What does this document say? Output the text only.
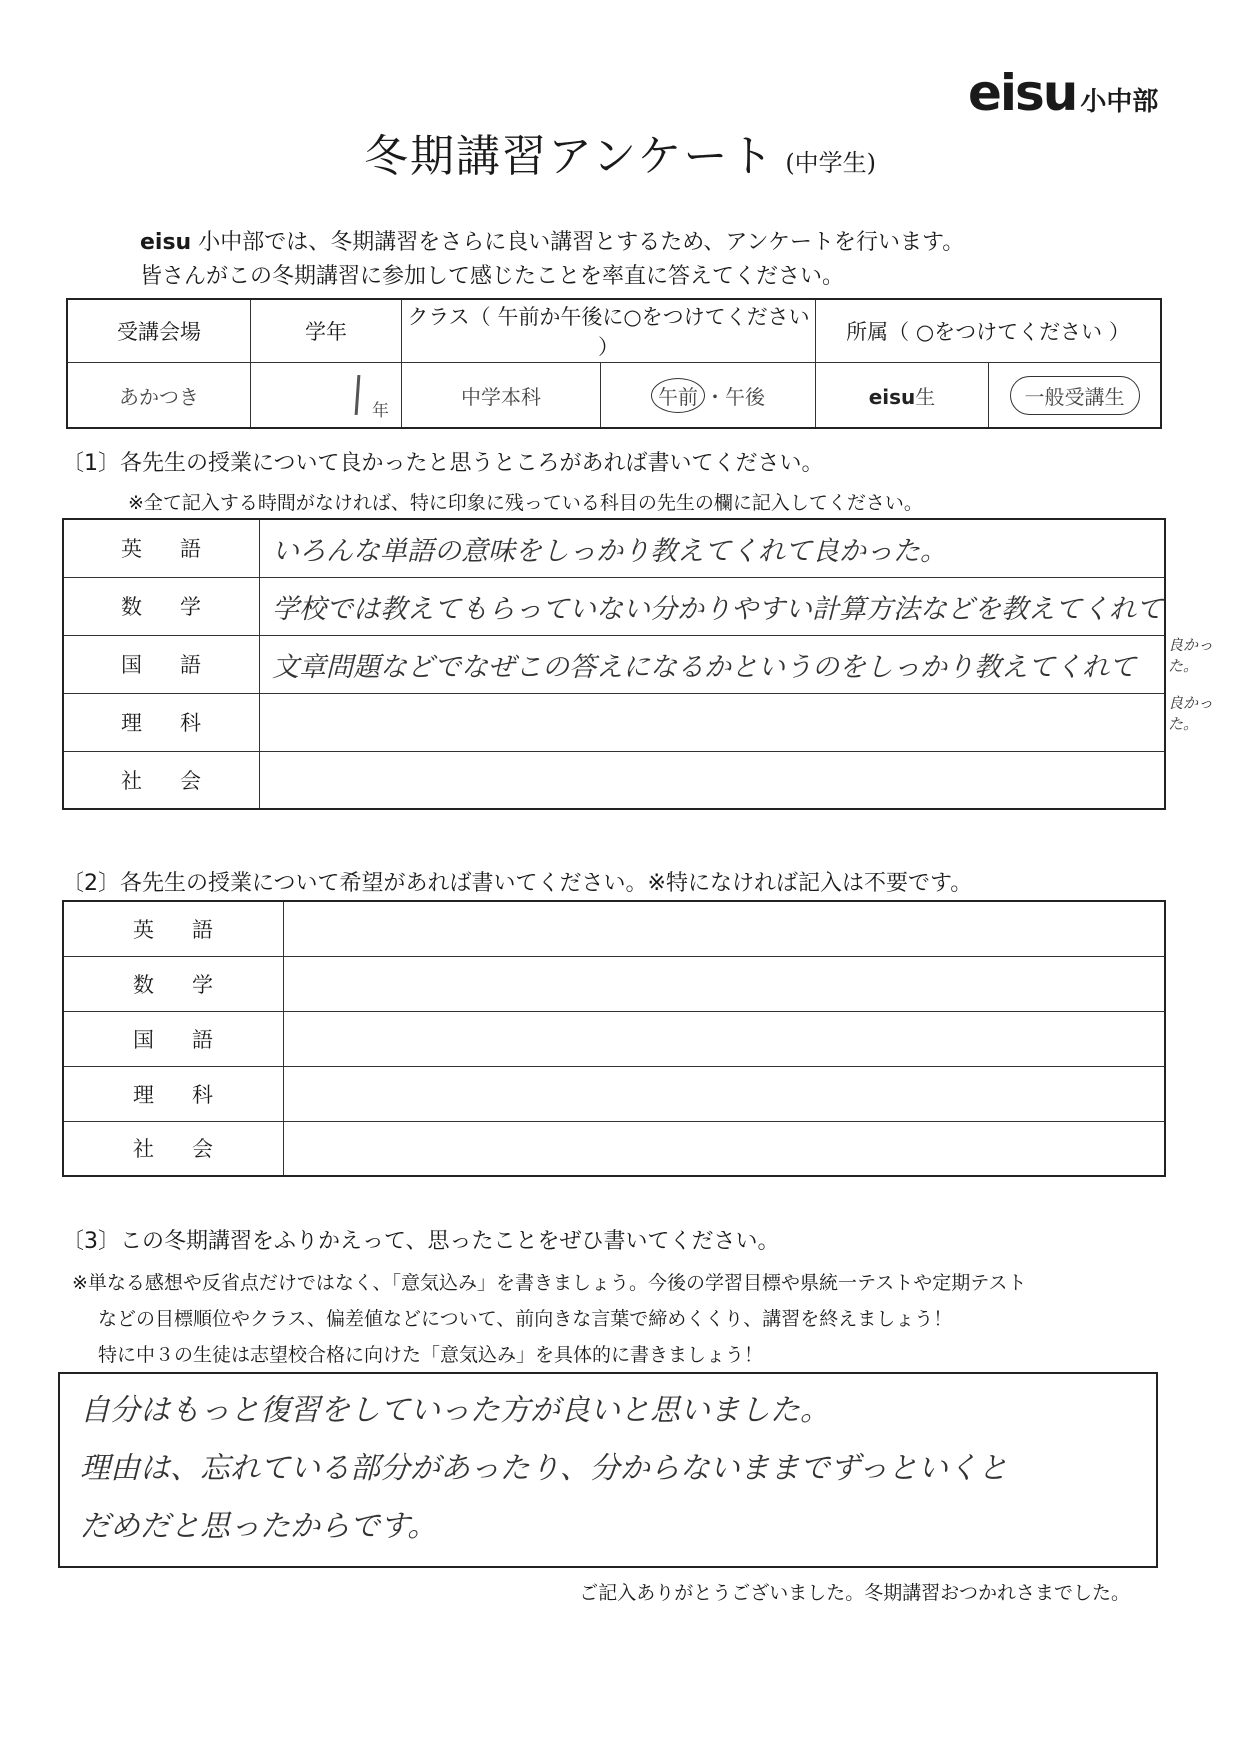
eisu 小中部
冬期講習アンケート (中学生)
eisu 小中部では、冬期講習をさらに良い講習とするため、アンケートを行います。
皆さんがこの冬期講習に参加して感じたことを率直に答えてください。
受講会場	学年	クラス（ 午前か午後に○をつけてください ）		所属（ ○をつけてください ）	
あかつき	年	中学本科	午前 ・午後	eisu生	一般受講生
〔1〕各先生の授業について良かったと思うところがあれば書いてください。
※全て記入する時間がなければ、特に印象に残っている科目の先生の欄に記入してください。
英語	いろんな単語の意味をしっかり教えてくれて良かった。
数学	学校では教えてもらっていない分かりやすい計算方法などを教えてくれて
国語	文章問題などでなぜこの答えになるかというのをしっかり教えてくれて
理科	
社会	
良かった。
良かった。
〔2〕各先生の授業について希望があれば書いてください。※特になければ記入は不要です。
英語	
数学	
国語	
理科	
社会	
〔3〕この冬期講習をふりかえって、思ったことをぜひ書いてください。
※単なる感想や反省点だけではなく、「意気込み」を書きましょう。今後の学習目標や県統一テストや定期テスト
などの目標順位やクラス、偏差値などについて、前向きな言葉で締めくくり、講習を終えましょう！
特に中３の生徒は志望校合格に向けた「意気込み」を具体的に書きましょう！
自分はもっと復習をしていった方が良いと思いました。
理由は、忘れている部分があったり、分からないままでずっといくと
だめだと思ったからです。
ご記入ありがとうございました。冬期講習おつかれさまでした。
